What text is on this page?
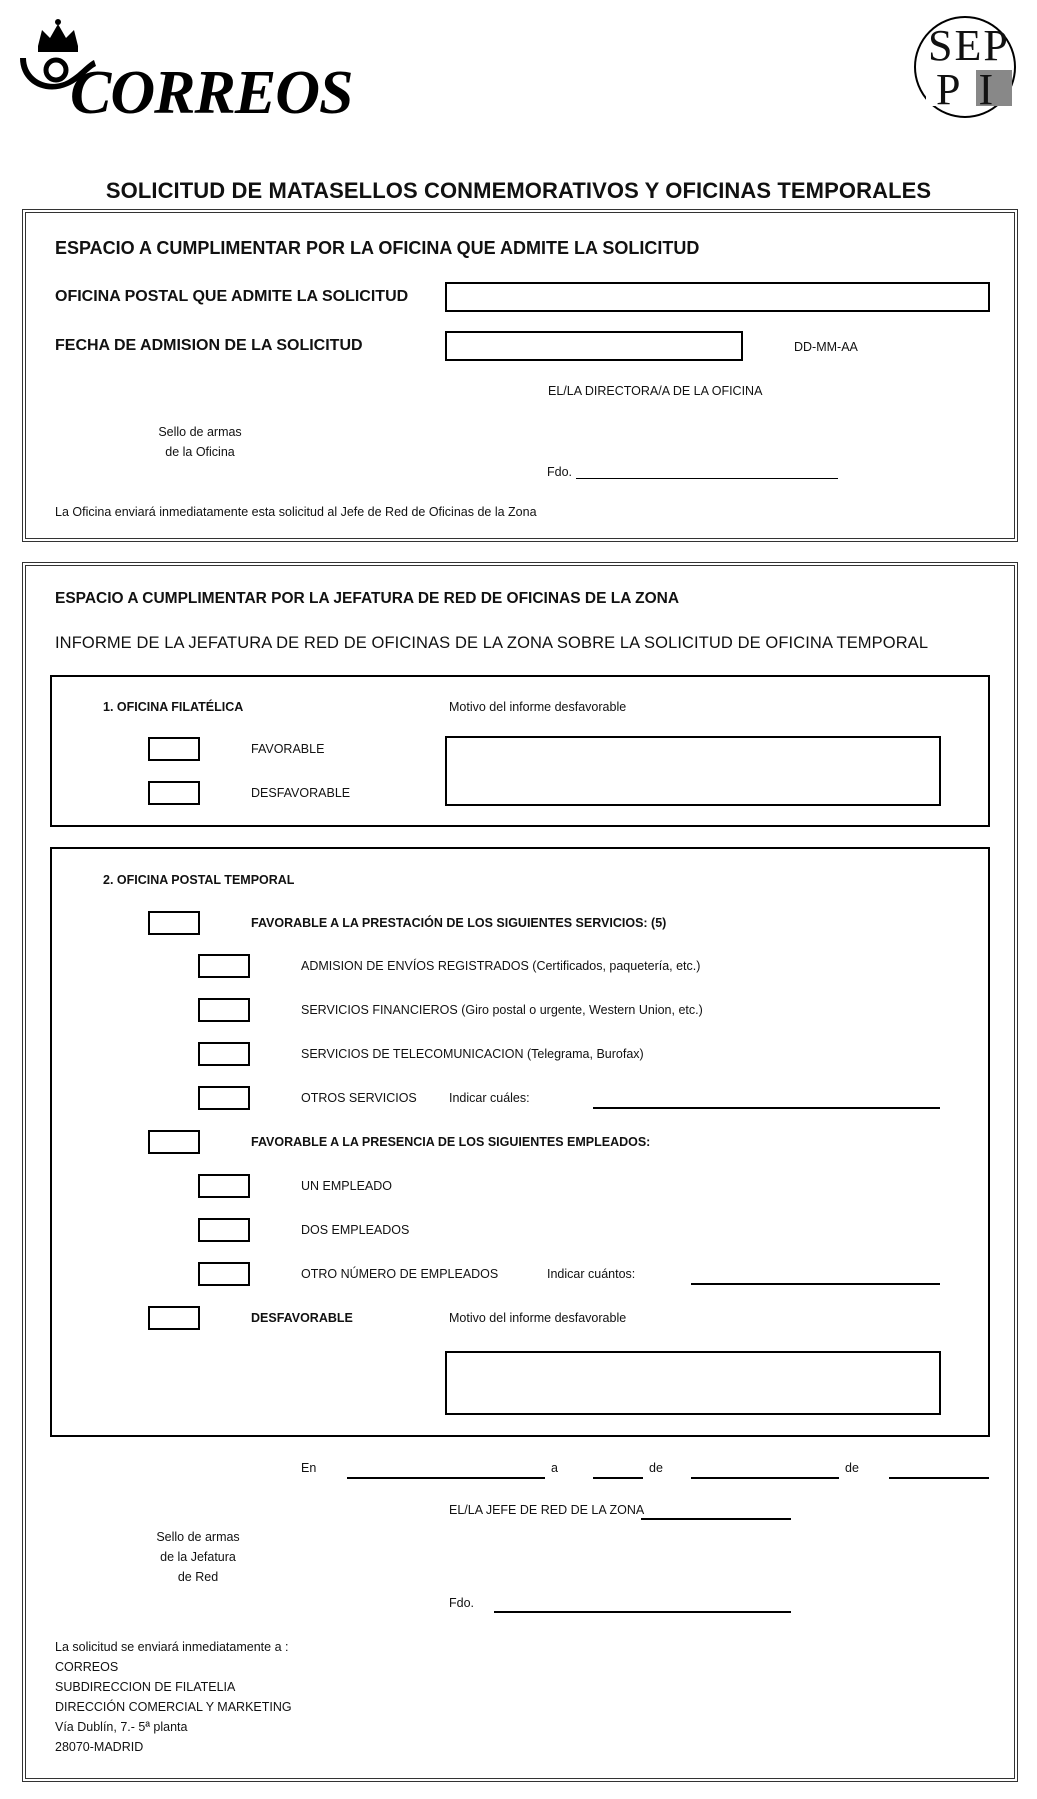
CORREOS
SEP
PI
SOLICITUD DE MATASELLOS CONMEMORATIVOS Y OFICINAS TEMPORALES
ESPACIO A CUMPLIMENTAR POR LA OFICINA QUE ADMITE LA SOLICITUD
OFICINA POSTAL QUE ADMITE LA SOLICITUD
FECHA DE ADMISION DE LA SOLICITUD	DD-MM-AA
EL/LA DIRECTORA/A DE LA OFICINA
Sello de armas
de la Oficina
Fdo.
La Oficina enviará inmediatamente esta solicitud al Jefe de Red de Oficinas de la Zona
ESPACIO A CUMPLIMENTAR POR LA JEFATURA DE RED DE OFICINAS DE LA ZONA
INFORME DE LA JEFATURA DE RED DE OFICINAS DE LA ZONA SOBRE LA SOLICITUD DE OFICINA TEMPORAL
1. OFICINA FILATÉLICA	Motivo del informe desfavorable
FAVORABLE
DESFAVORABLE
2. OFICINA POSTAL TEMPORAL
FAVORABLE A LA PRESTACIÓN DE LOS SIGUIENTES SERVICIOS: (5)
ADMISION DE ENVÍOS REGISTRADOS (Certificados, paquetería, etc.)
SERVICIOS FINANCIEROS (Giro postal o urgente, Western Union, etc.)
SERVICIOS DE TELECOMUNICACION (Telegrama, Burofax)
OTROS SERVICIOS	Indicar cuáles:
FAVORABLE A LA PRESENCIA DE LOS SIGUIENTES EMPLEADOS:
UN EMPLEADO
DOS EMPLEADOS
OTRO NÚMERO DE EMPLEADOS	Indicar cuántos:
DESFAVORABLE	Motivo del informe desfavorable
En	a	de	de
EL/LA JEFE DE RED DE LA ZONA
Sello de armas
de la Jefatura
de Red
Fdo.
La solicitud se enviará inmediatamente a :
CORREOS
SUBDIRECCION DE FILATELIA
DIRECCIÓN COMERCIAL Y MARKETING
Vía Dublín, 7.- 5ª planta
28070-MADRID
